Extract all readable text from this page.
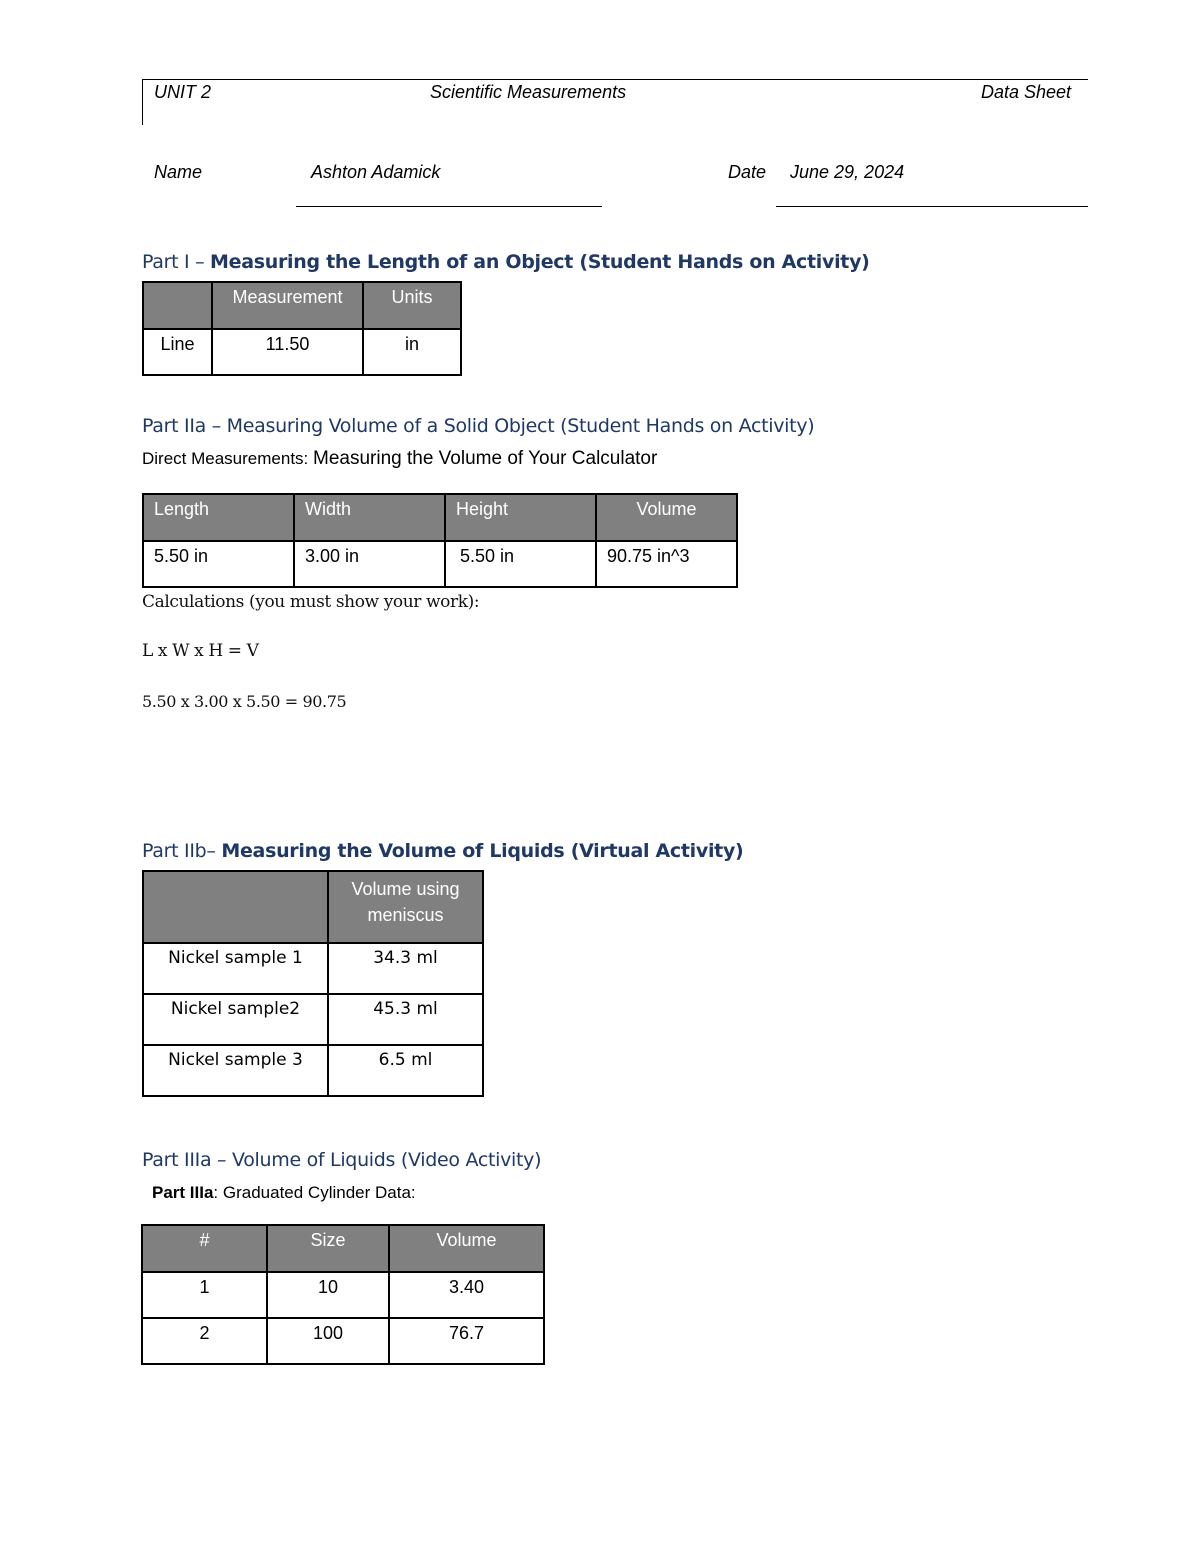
UNIT 2	Scientific Measurements	Data Sheet
Name	Ashton Adamick	Date June 29, 2024
Part I – Measuring the Length of an Object (Student Hands on Activity)
	Measurement	Units
Line	11.50	in
Part IIa – Measuring Volume of a Solid Object (Student Hands on Activity)
Direct Measurements: Measuring the Volume of Your Calculator
Length	Width	Height	Volume
5.50 in	3.00 in	5.50 in	90.75 in^3
Calculations (you must show your work):
L x W x H = V
5.50 x 3.00 x 5.50 = 90.75
Part IIb– Measuring the Volume of Liquids (Virtual Activity)
	Volume using meniscus
Nickel sample 1	34.3 ml
Nickel sample2	45.3 ml
Nickel sample 3	6.5 ml
Part IIIa – Volume of Liquids (Video Activity)
Part IIIa: Graduated Cylinder Data:
#	Size	Volume
1	10	3.40
2	100	76.7
